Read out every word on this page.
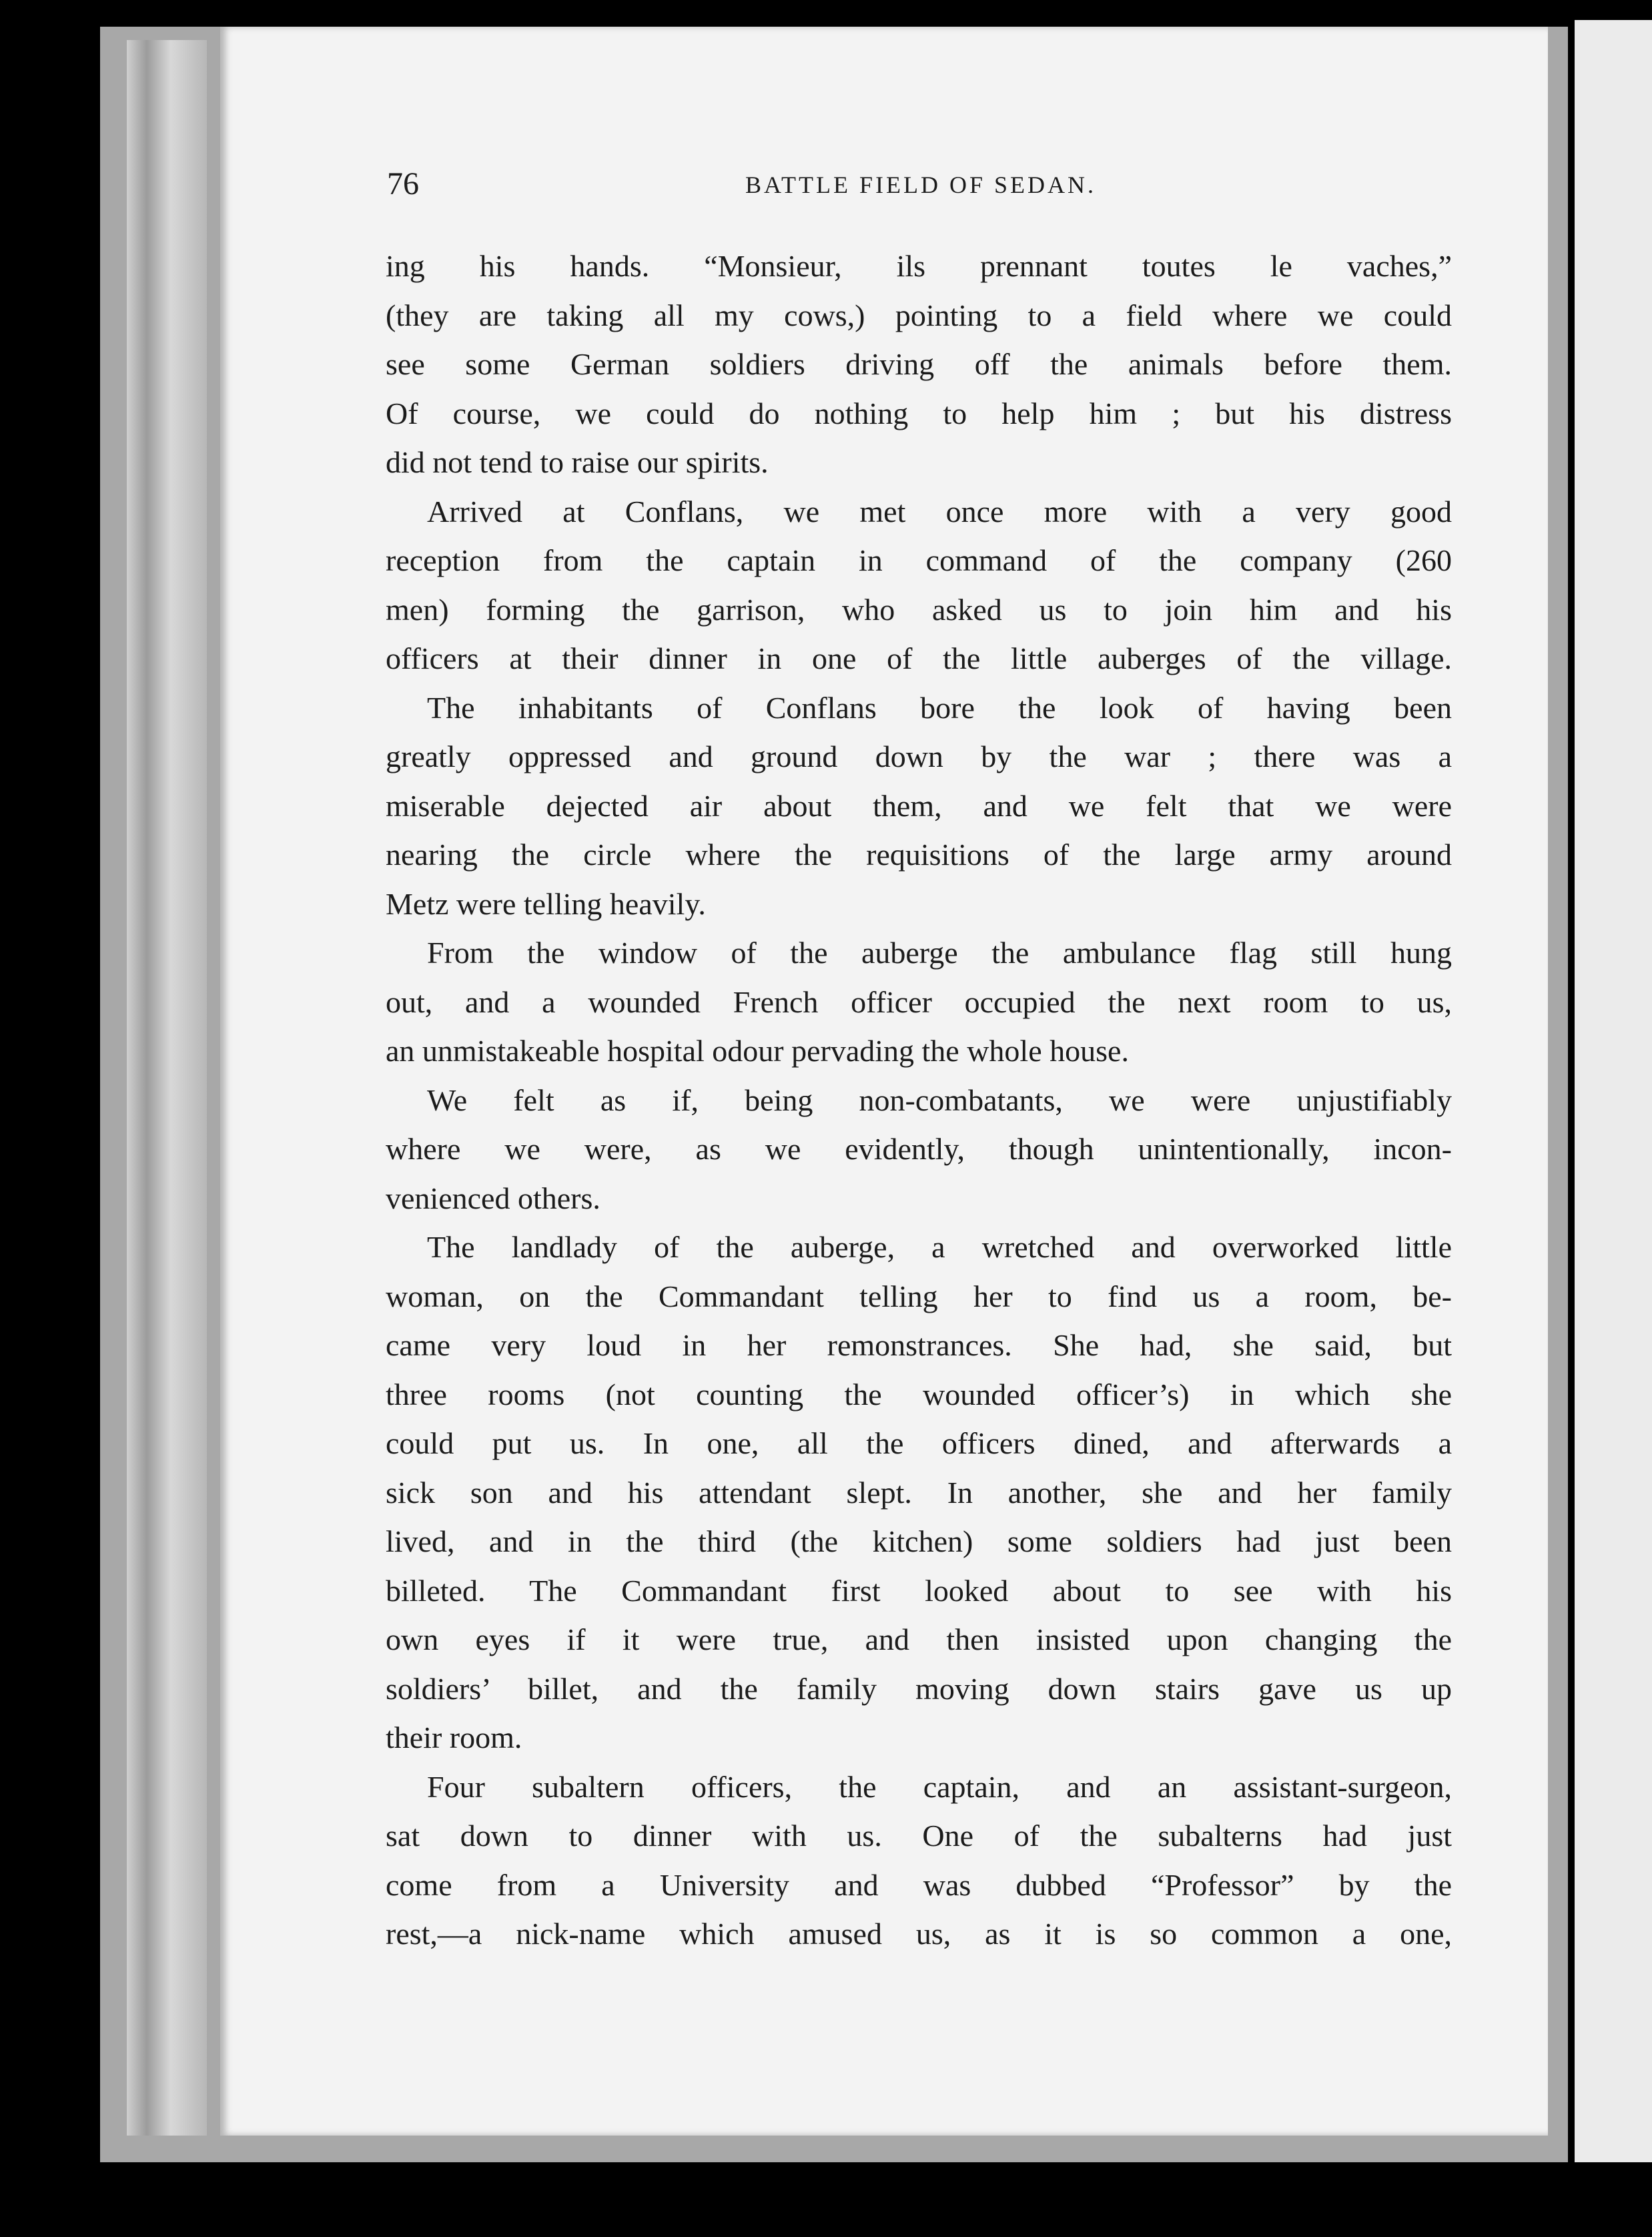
76	BATTLE FIELD OF SEDAN.
ing his hands. “Monsieur, ils prennant toutes le vaches,”
(they are taking all my cows,) pointing to a field where we could
see some German soldiers driving off the animals before them.
Of course, we could do nothing to help him ; but his distress
did not tend to raise our spirits.
Arrived at Conflans, we met once more with a very good
reception from the captain in command of the company (260
men) forming the garrison, who asked us to join him and his
officers at their dinner in one of the little auberges of the village.
The inhabitants of Conflans bore the look of having been
greatly oppressed and ground down by the war ; there was a
miserable dejected air about them, and we felt that we were
nearing the circle where the requisitions of the large army around
Metz were telling heavily.
From the window of the auberge the ambulance flag still hung
out, and a wounded French officer occupied the next room to us,
an unmistakeable hospital odour pervading the whole house.
We felt as if, being non-combatants, we were unjustifiably
where we were, as we evidently, though unintentionally, incon-
venienced others.
The landlady of the auberge, a wretched and overworked little
woman, on the Commandant telling her to find us a room, be-
came very loud in her remonstrances. She had, she said, but
three rooms (not counting the wounded officer’s) in which she
could put us. In one, all the officers dined, and afterwards a
sick son and his attendant slept. In another, she and her family
lived, and in the third (the kitchen) some soldiers had just been
billeted. The Commandant first looked about to see with his
own eyes if it were true, and then insisted upon changing the
soldiers’ billet, and the family moving down stairs gave us up
their room.
Four subaltern officers, the captain, and an assistant-surgeon,
sat down to dinner with us. One of the subalterns had just
come from a University and was dubbed “Professor” by the
rest,—a nick-name which amused us, as it is so common a one,
